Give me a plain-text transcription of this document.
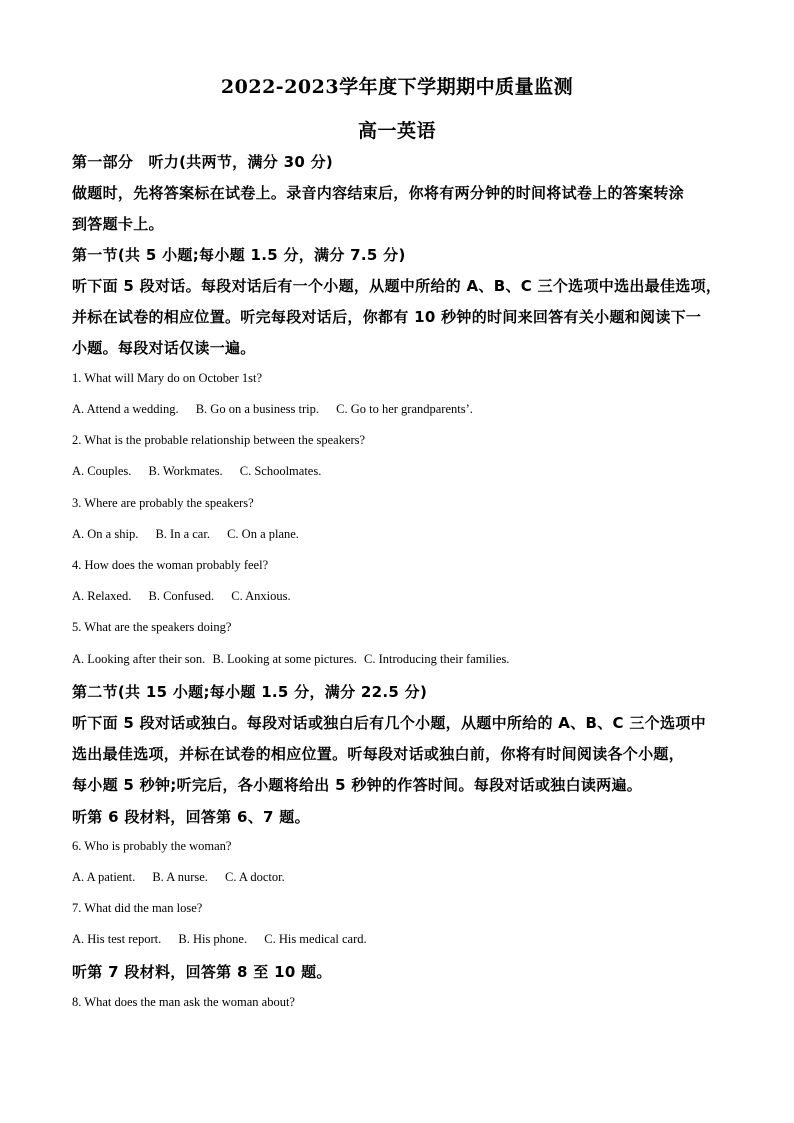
2022-2023学年度下学期期中质量监测
高一英语
第一部分　听力(共两节，满分 30 分)
做题时，先将答案标在试卷上。录音内容结束后，你将有两分钟的时间将试卷上的答案转涂
到答题卡上。
第一节(共 5 小题;每小题 1.5 分，满分 7.5 分)
听下面 5 段对话。每段对话后有一个小题，从题中所给的 A、B、C 三个选项中选出最佳选项，
并标在试卷的相应位置。听完每段对话后，你都有 10 秒钟的时间来回答有关小题和阅读下一
小题。每段对话仅读一遍。
1. What will Mary do on October 1st?
A. Attend a wedding. B. Go on a business trip. C. Go to her grandparents’.
2. What is the probable relationship between the speakers?
A. Couples. B. Workmates. C. Schoolmates.
3. Where are probably the speakers?
A. On a ship. B. In a car. C. On a plane.
4. How does the woman probably feel?
A. Relaxed. B. Confused. C. Anxious.
5. What are the speakers doing?
A. Looking after their son. B. Looking at some pictures. C. Introducing their families.
第二节(共 15 小题;每小题 1.5 分，满分 22.5 分)
听下面 5 段对话或独白。每段对话或独白后有几个小题，从题中所给的 A、B、C 三个选项中
选出最佳选项，并标在试卷的相应位置。听每段对话或独白前，你将有时间阅读各个小题，
每小题 5 秒钟;听完后，各小题将给出 5 秒钟的作答时间。每段对话或独白读两遍。
听第 6 段材料，回答第 6、7 题。
6. Who is probably the woman?
A. A patient. B. A nurse. C. A doctor.
7. What did the man lose?
A. His test report. B. His phone. C. His medical card.
听第 7 段材料，回答第 8 至 10 题。
8. What does the man ask the woman about?
